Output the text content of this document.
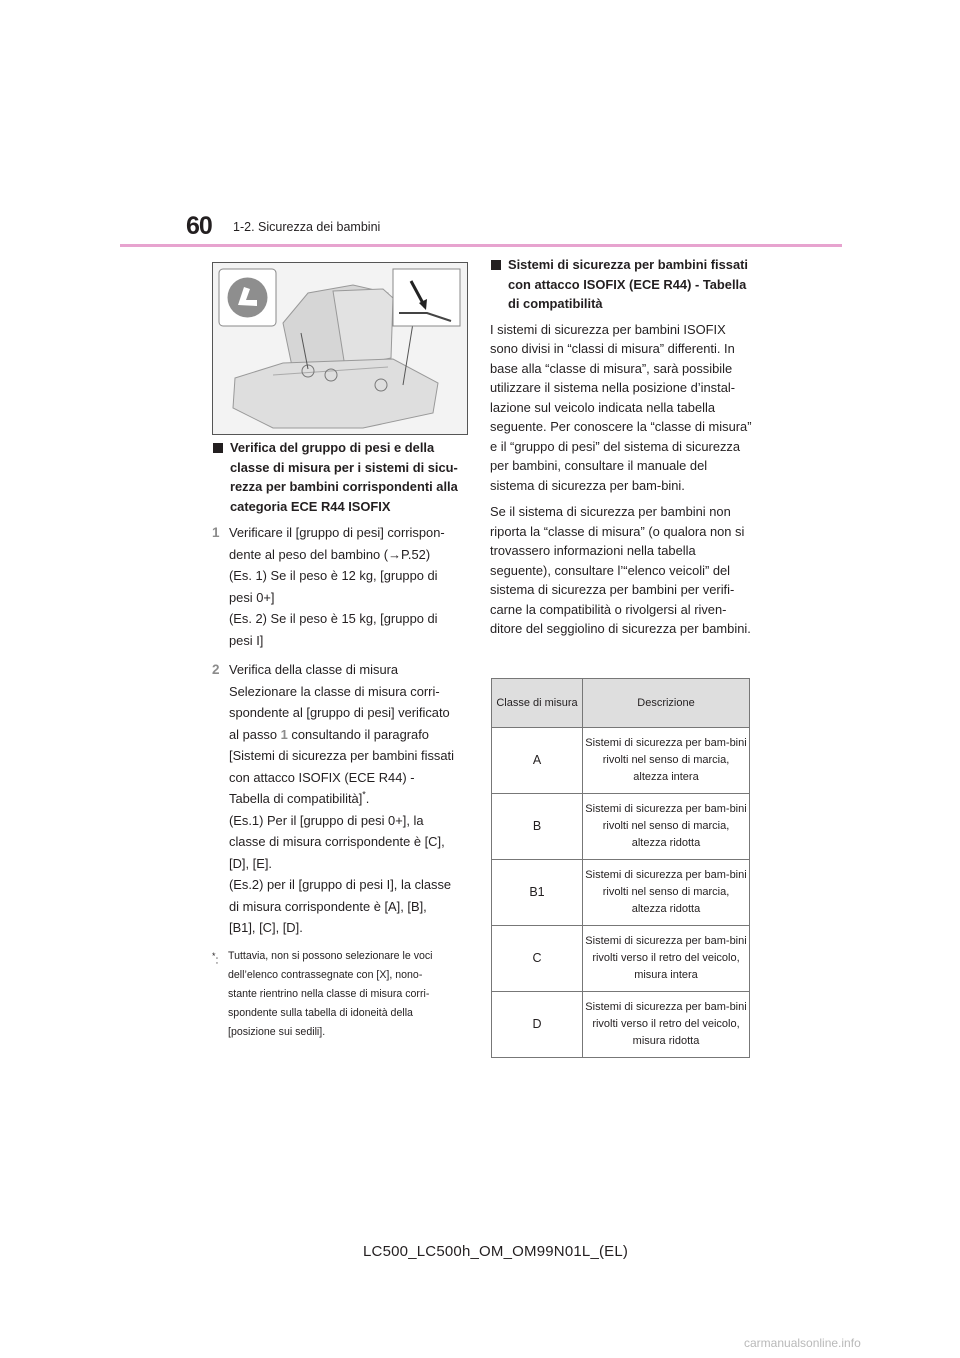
60 1-2. Sicurezza dei bambini
Verifica del gruppo di pesi e della classe di misura per i sistemi di sicu-rezza per bambini corrispondenti alla categoria ECE R44 ISOFIX
1 Verificare il [gruppo di pesi] corrispon-
dente al peso del bambino (→P.52)
(Es. 1) Se il peso è 12 kg, [gruppo di
pesi 0+]
(Es. 2) Se il peso è 15 kg, [gruppo di
pesi I]
2 Verifica della classe di misura
Selezionare la classe di misura corri-
spondente al [gruppo di pesi] verificato
al passo 1 consultando il paragrafo
[Sistemi di sicurezza per bambini fissati
con attacco ISOFIX (ECE R44) -
Tabella di compatibilità]*.
(Es.1) Per il [gruppo di pesi 0+], la
classe di misura corrispondente è [C],
[D], [E].
(Es.2) per il [gruppo di pesi I], la classe
di misura corrispondente è [A], [B],
[B1], [C], [D].
*: Tuttavia, non si possono selezionare le voci
dell’elenco contrassegnate con [X], nono-
stante rientrino nella classe di misura corri-
spondente sulla tabella di idoneità della
[posizione sui sedili].
Sistemi di sicurezza per bambini fissati con attacco ISOFIX (ECE R44) - Tabella di compatibilità

I sistemi di sicurezza per bambini ISOFIX sono divisi in “classi di misura” differenti. In base alla “classe di misura”, sarà possibile utilizzare il sistema nella posizione d’instal-lazione sul veicolo indicata nella tabella seguente. Per conoscere la “classe di misura” e il “gruppo di pesi” del sistema di sicurezza per bambini, consultare il manuale del sistema di sicurezza per bam-bini.

Se il sistema di sicurezza per bambini non riporta la “classe di misura” (o qualora non si trovassero informazioni nella tabella seguente), consultare l’“elenco veicoli” del sistema di sicurezza per bambini per verifi-carne la compatibilità o rivolgersi al riven-ditore del seggiolino di sicurezza per bambini.

Classe di misura	Descrizione
A	Sistemi di sicurezza per bam-bini rivolti nel senso di marcia, altezza intera
B	Sistemi di sicurezza per bam-bini rivolti nel senso di marcia, altezza ridotta
B1	Sistemi di sicurezza per bam-bini rivolti nel senso di marcia, altezza ridotta
C	Sistemi di sicurezza per bam-bini rivolti verso il retro del veicolo, misura intera
D	Sistemi di sicurezza per bam-bini rivolti verso il retro del veicolo, misura ridotta
LC500_LC500h_OM_OM99N01L_(EL)
carmanualsonline.info
